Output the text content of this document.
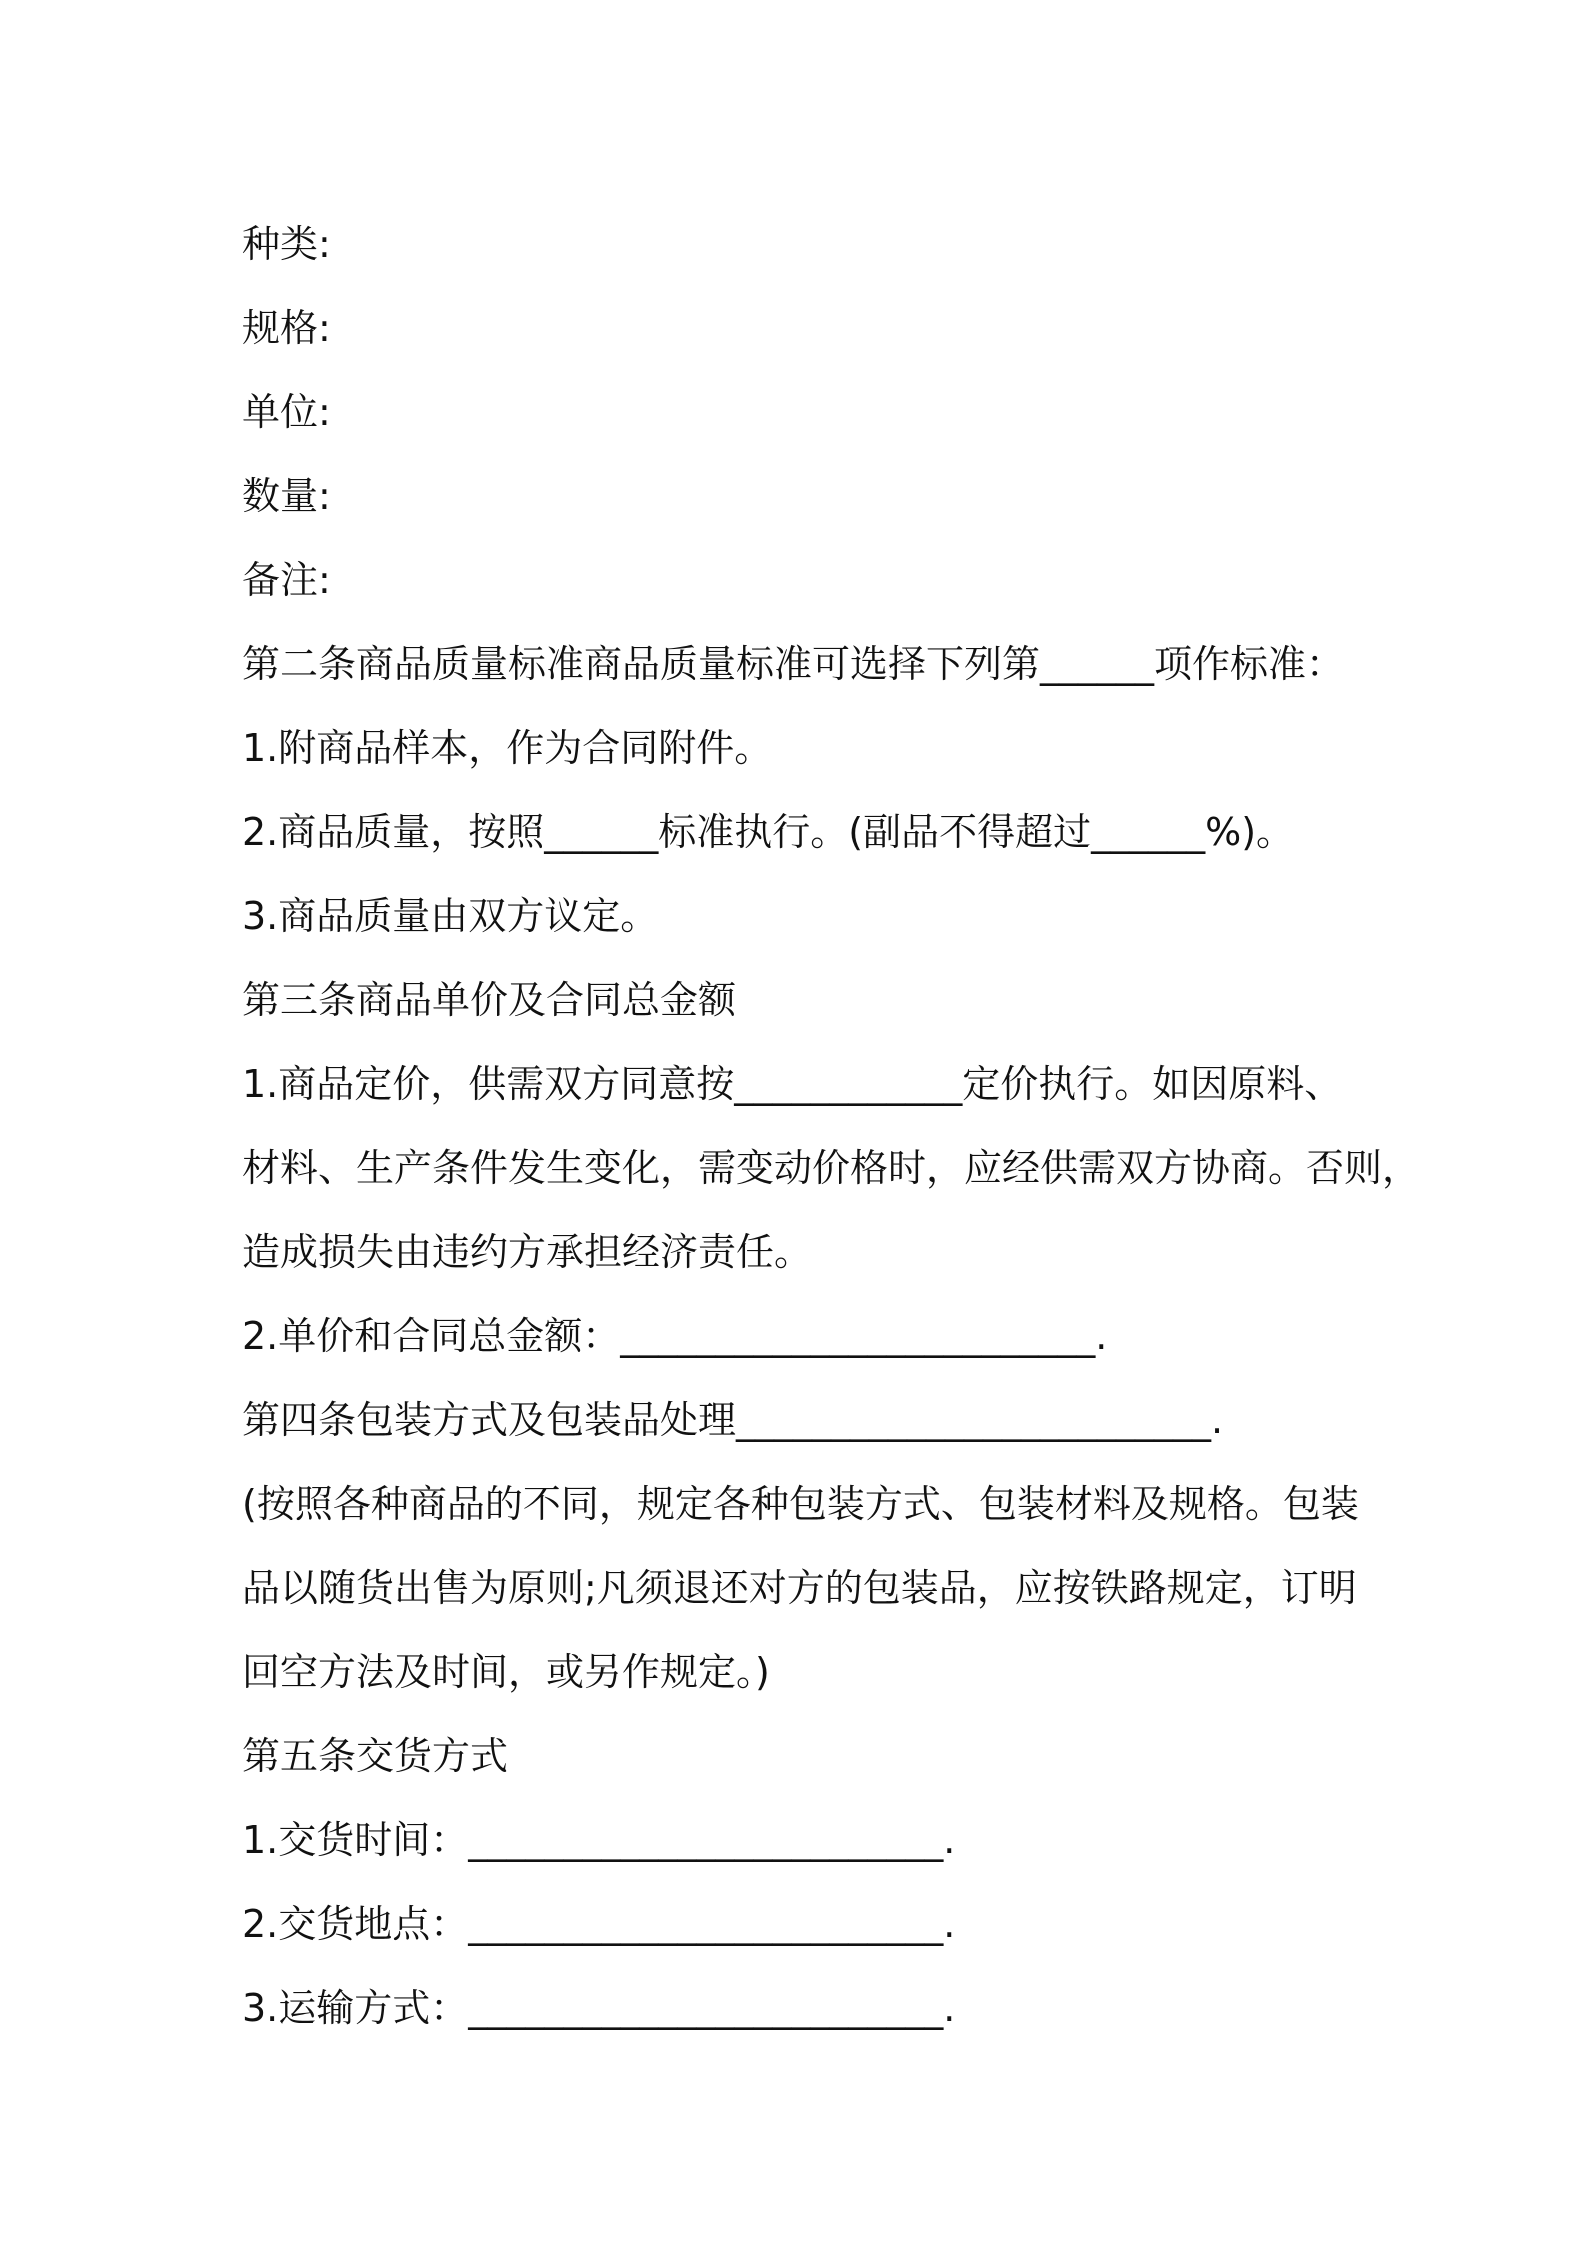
种类:
规格:
单位:
数量:
备注:
第二条商品质量标准商品质量标准可选择下列第______项作标准：
1.附商品样本，作为合同附件。
2.商品质量，按照______标准执行。(副品不得超过______%)。
3.商品质量由双方议定。
第三条商品单价及合同总金额
1.商品定价，供需双方同意按____________定价执行。如因原料、
材料、生产条件发生变化，需变动价格时，应经供需双方协商。否则，
造成损失由违约方承担经济责任。
2.单价和合同总金额：_________________________.
第四条包装方式及包装品处理_________________________.
(按照各种商品的不同，规定各种包装方式、包装材料及规格。包装
品以随货出售为原则;凡须退还对方的包装品，应按铁路规定，订明
回空方法及时间，或另作规定。)
第五条交货方式
1.交货时间：_________________________.
2.交货地点：_________________________.
3.运输方式：_________________________.
